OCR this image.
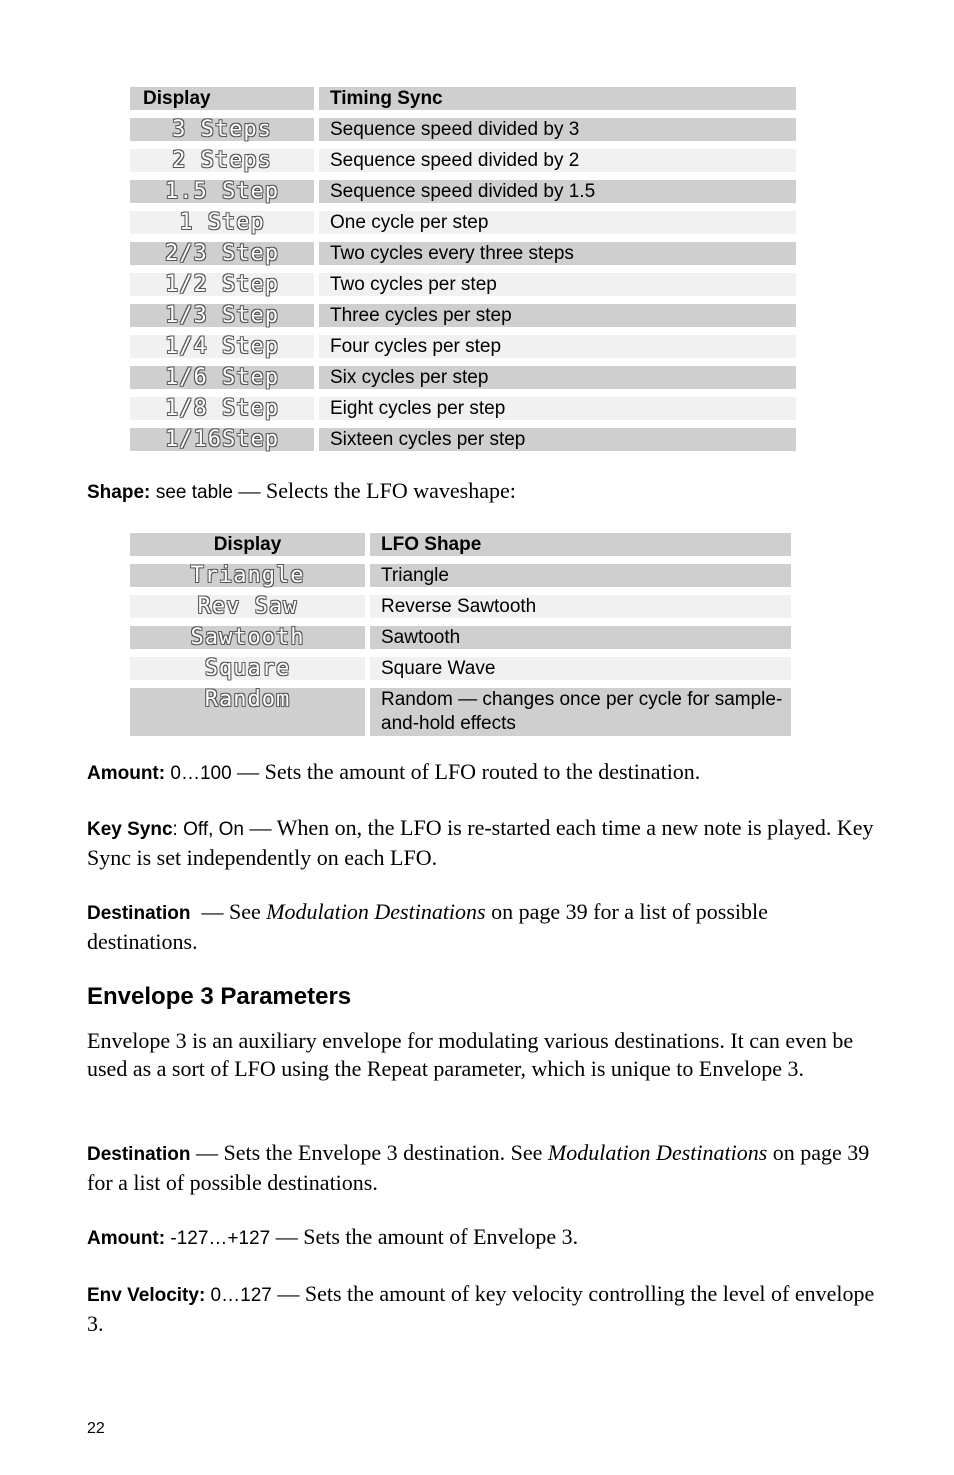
Display		Timing Sync

3 Steps		Sequence speed divided by 3

2 Steps		Sequence speed divided by 2

1.5 Step		Sequence speed divided by 1.5

1 Step		One cycle per step

2/3 Step		Two cycles every three steps

1/2 Step		Two cycles per step

1/3 Step		Three cycles per step

1/4 Step		Four cycles per step

1/6 Step		Six cycles per step

1/8 Step		Eight cycles per step

1/16Step		Sixteen cycles per step
Shape: see table — Selects the LFO waveshape:
Display		LFO Shape

Triangle		Triangle

Rev Saw		Reverse Sawtooth

Sawtooth		Sawtooth

Square		Square Wave

Random		Random — changes once per cycle for sample-and-hold effects
Amount: 0…100 — Sets the amount of LFO routed to the destination.
Key Sync: Off, On — When on, the LFO is re-started each time a new note is played. Key Sync is set independently on each LFO.
Destination  — See Modulation Destinations on page 39 for a list of possible destinations.
Envelope 3 Parameters
Envelope 3 is an auxiliary envelope for modulating various destinations. It can even be used as a sort of LFO using the Repeat parameter, which is unique to Envelope 3.
Destination — Sets the Envelope 3 destination. See Modulation Destinations on page 39 for a list of possible destinations.
Amount: -127…+127 — Sets the amount of Envelope 3.
Env Velocity: 0…127 — Sets the amount of key velocity controlling the level of envelope 3.
22
